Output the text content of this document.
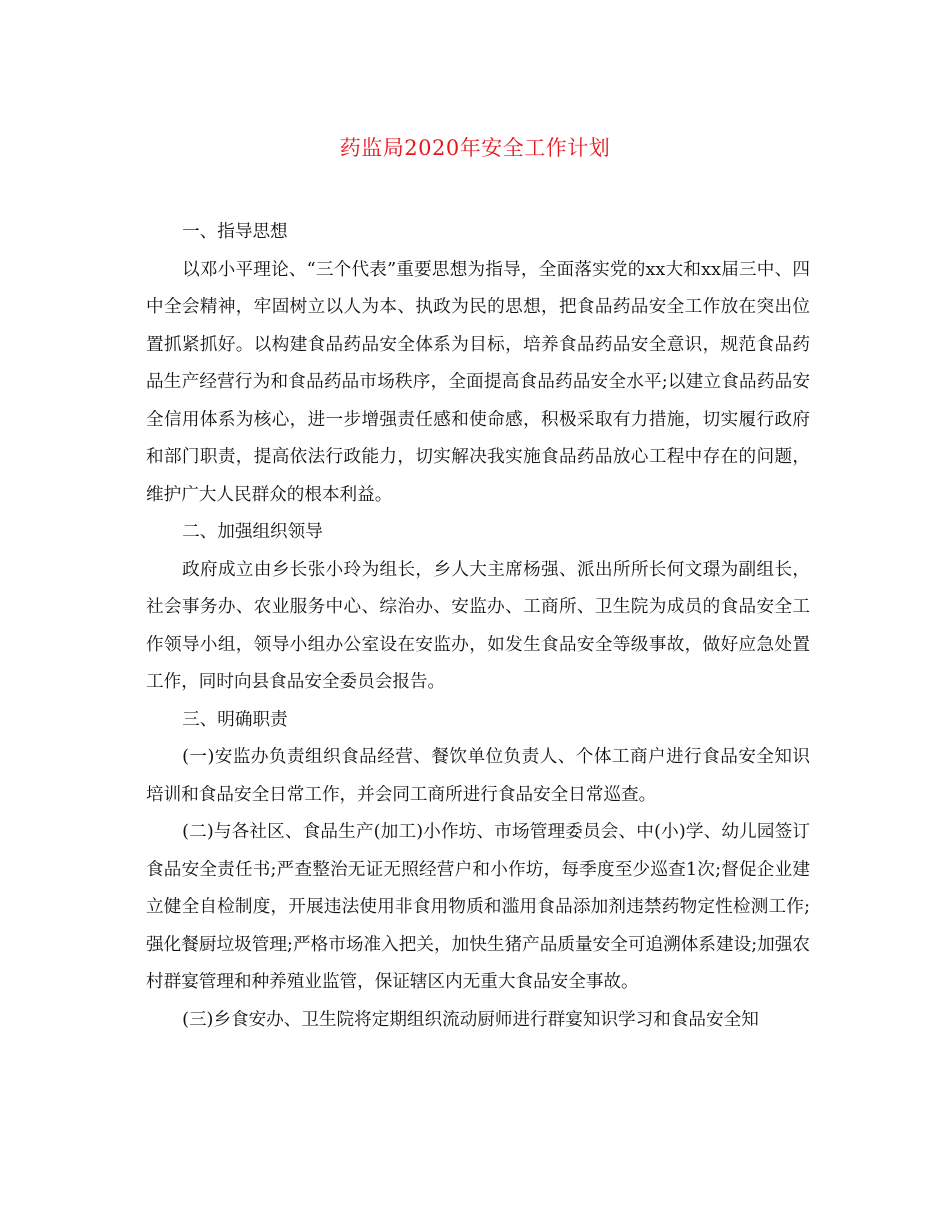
药监局2020年安全工作计划

一、指导思想

以邓小平理论、“三个代表”重要思想为指导，全面落实党的xx大和xx届三中、四中全会精神，牢固树立以人为本、执政为民的思想，把食品药品安全工作放在突出位置抓紧抓好。以构建食品药品安全体系为目标，培养食品药品安全意识，规范食品药品生产经营行为和食品药品市场秩序，全面提高食品药品安全水平;以建立食品药品安全信用体系为核心，进一步增强责任感和使命感，积极采取有力措施，切实履行政府和部门职责，提高依法行政能力，切实解决我实施食品药品放心工程中存在的问题，维护广大人民群众的根本利益。

二、加强组织领导

政府成立由乡长张小玲为组长，乡人大主席杨强、派出所所长何文璟为副组长，社会事务办、农业服务中心、综治办、安监办、工商所、卫生院为成员的食品安全工作领导小组，领导小组办公室设在安监办，如发生食品安全等级事故，做好应急处置工作，同时向县食品安全委员会报告。

三、明确职责

(一)安监办负责组织食品经营、餐饮单位负责人、个体工商户进行食品安全知识培训和食品安全日常工作，并会同工商所进行食品安全日常巡查。

(二)与各社区、食品生产(加工)小作坊、市场管理委员会、中(小)学、幼儿园签订食品安全责任书;严查整治无证无照经营户和小作坊，每季度至少巡查1次;督促企业建立健全自检制度，开展违法使用非食用物质和滥用食品添加剂违禁药物定性检测工作;强化餐厨垃圾管理;严格市场准入把关，加快生猪产品质量安全可追溯体系建设;加强农村群宴管理和种养殖业监管，保证辖区内无重大食品安全事故。

(三)乡食安办、卫生院将定期组织流动厨师进行群宴知识学习和食品安全知
